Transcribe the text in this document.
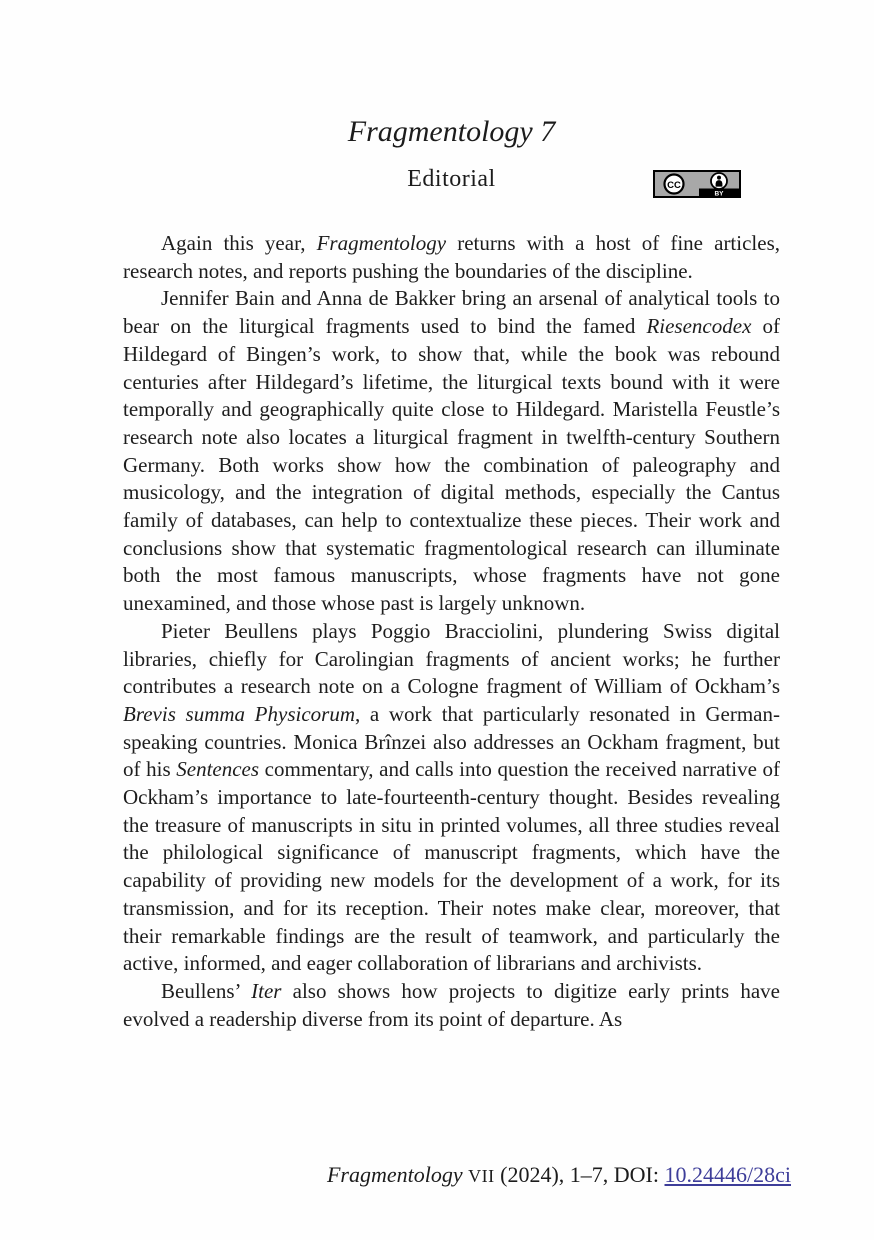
Fragmentology 7
Editorial	CC
BY

Again this year, Fragmentology returns with a host of fine articles, research notes, and reports pushing the boundaries of the discipline.

Jennifer Bain and Anna de Bakker bring an arsenal of analytical tools to bear on the liturgical fragments used to bind the famed Riesencodex of Hildegard of Bingen’s work, to show that, while the book was rebound centuries after Hildegard’s lifetime, the liturgical texts bound with it were temporally and geographically quite close to Hildegard. Maristella Feustle’s research note also locates a liturgical fragment in twelfth-century Southern Germany. Both works show how the combination of paleography and musicology, and the integration of digital methods, especially the Cantus family of databases, can help to contextualize these pieces. Their work and conclusions show that systematic fragmentological research can illuminate both the most famous manuscripts, whose fragments have not gone unexamined, and those whose past is largely unknown.

Pieter Beullens plays Poggio Bracciolini, plundering Swiss digital libraries, chiefly for Carolingian fragments of ancient works; he further contributes a research note on a Cologne fragment of William of Ockham’s Brevis summa Physicorum, a work that particularly resonated in German-speaking countries. Monica Brînzei also addresses an Ockham fragment, but of his Sentences commentary, and calls into question the received narrative of Ockham’s importance to late-fourteenth-century thought. Besides revealing the treasure of manuscripts in situ in printed volumes, all three studies reveal the philological significance of manuscript fragments, which have the capability of providing new models for the development of a work, for its transmission, and for its reception. Their notes make clear, moreover, that their remarkable findings are the result of teamwork, and particularly the active, informed, and eager collaboration of librarians and archivists.

Beullens’ Iter also shows how projects to digitize early prints have evolved a readership diverse from its point of departure. As

Fragmentology VII (2024), 1–7, DOI: 10.24446/28ci
